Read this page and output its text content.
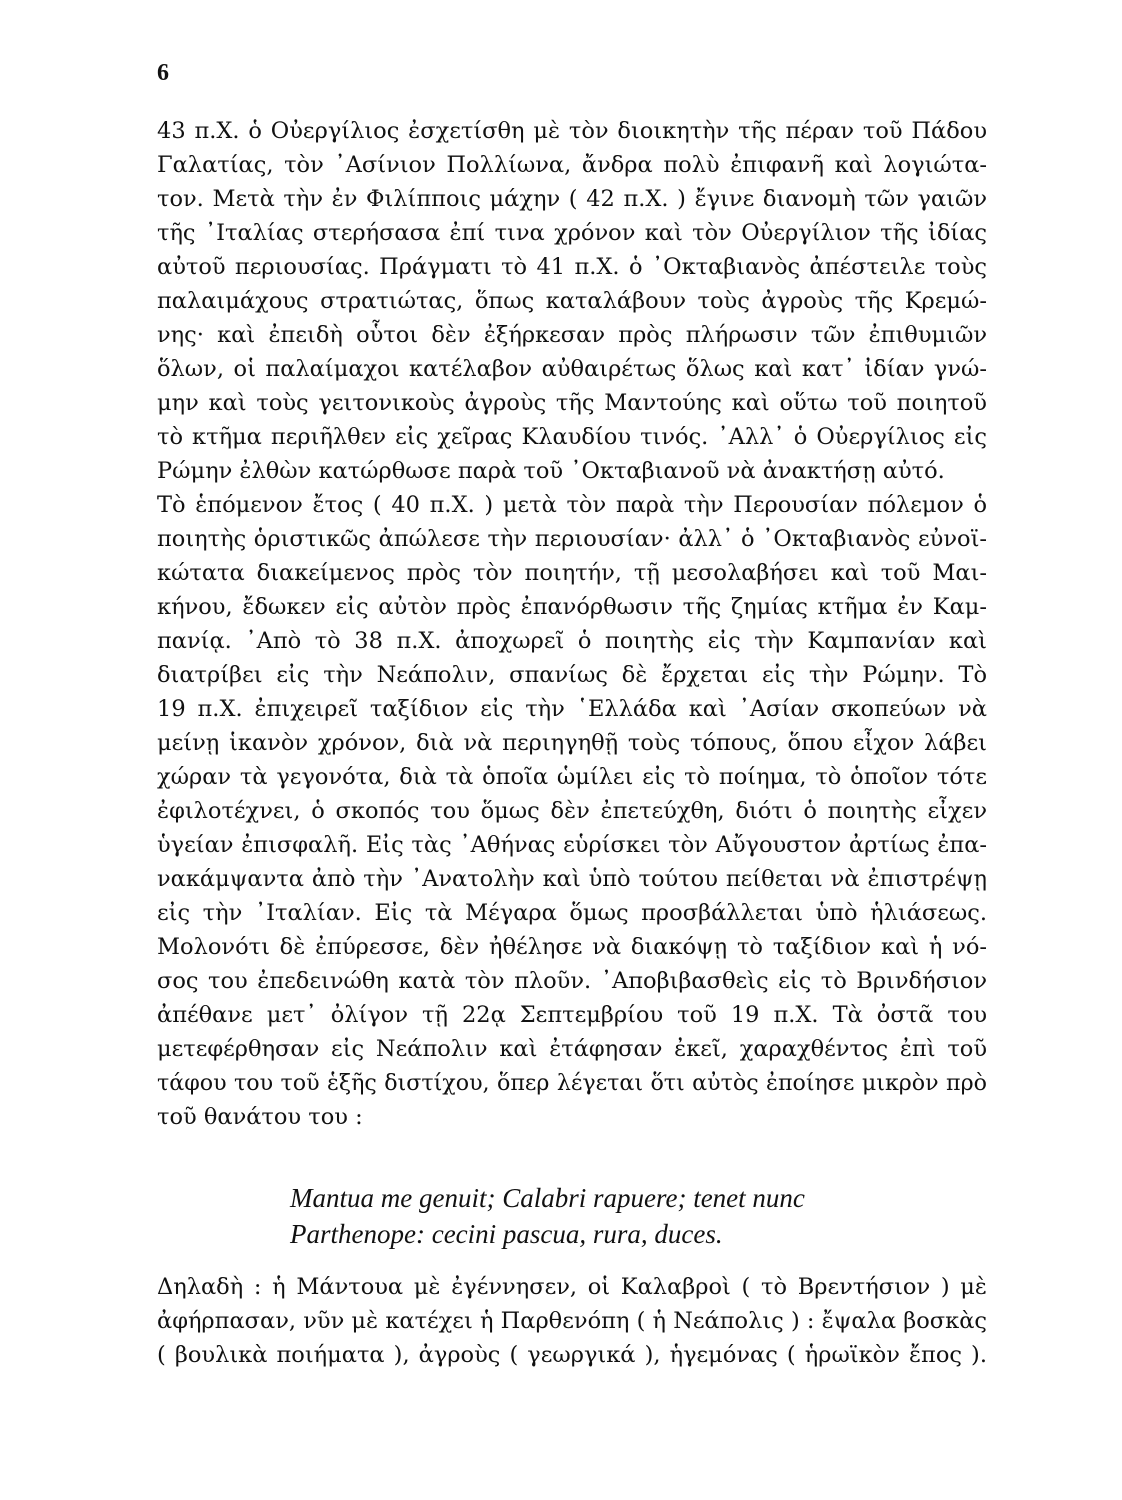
6
43 π.Χ. ὁ Οὐεργίλιος ἐσχετίσθη μὲ τὸν διοικητὴν τῆς πέραν τοῦ Πάδου
Γαλατίας, τὸν ᾿Ασίνιον Πολλίωνα, ἄνδρα πολὺ ἐπιφανῆ καὶ λογιώτα-
τον. Μετὰ τὴν ἐν Φιλίπποις μάχην ( 42 π.Χ. ) ἔγινε διανομὴ τῶν γαιῶν
τῆς ᾿Ιταλίας στερήσασα ἐπί τινα χρόνον καὶ τὸν Οὐεργίλιον τῆς ἰδίας
αὐτοῦ περιουσίας. Πράγματι τὸ 41 π.Χ. ὁ ᾿Οκταβιανὸς ἀπέστειλε τοὺς
παλαιμάχους στρατιώτας, ὅπως καταλάβουν τοὺς ἀγροὺς τῆς Κρεμώ-
νης· καὶ ἐπειδὴ οὗτοι δὲν ἐξήρκεσαν πρὸς πλήρωσιν τῶν ἐπιθυμιῶν
ὅλων, οἱ παλαίμαχοι κατέλαβον αὐθαιρέτως ὅλως καὶ κατ᾿ ἰδίαν γνώ-
μην καὶ τοὺς γειτονικοὺς ἀγροὺς τῆς Μαντούης καὶ οὕτω τοῦ ποιητοῦ
τὸ κτῆμα περιῆλθεν εἰς χεῖρας Κλαυδίου τινός. ᾿Αλλ᾿ ὁ Οὐεργίλιος εἰς
Ρώμην ἐλθὼν κατώρθωσε παρὰ τοῦ ᾿Οκταβιανοῦ νὰ ἀνακτήσῃ αὐτό.
Τὸ ἑπόμενον ἔτος ( 40 π.Χ. ) μετὰ τὸν παρὰ τὴν Περουσίαν πόλεμον ὁ
ποιητὴς ὁριστικῶς ἀπώλεσε τὴν περιουσίαν· ἀλλ᾿ ὁ ᾿Οκταβιανὸς εὐνοϊ-
κώτατα διακείμενος πρὸς τὸν ποιητήν, τῇ μεσολαβήσει καὶ τοῦ Μαι-
κήνου, ἔδωκεν εἰς αὐτὸν πρὸς ἐπανόρθωσιν τῆς ζημίας κτῆμα ἐν Καμ-
πανίᾳ. ᾿Απὸ τὸ 38 π.Χ. ἀποχωρεῖ ὁ ποιητὴς εἰς τὴν Καμπανίαν καὶ
διατρίβει εἰς τὴν Νεάπολιν, σπανίως δὲ ἔρχεται εἰς τὴν Ρώμην. Τὸ
19 π.Χ. ἐπιχειρεῖ ταξίδιον εἰς τὴν ῾Ελλάδα καὶ ᾿Ασίαν σκοπεύων νὰ
μείνῃ ἱκανὸν χρόνον, διὰ νὰ περιηγηθῇ τοὺς τόπους, ὅπου εἶχον λάβει
χώραν τὰ γεγονότα, διὰ τὰ ὁποῖα ὡμίλει εἰς τὸ ποίημα, τὸ ὁποῖον τότε
ἐφιλοτέχνει, ὁ σκοπός του ὅμως δὲν ἐπετεύχθη, διότι ὁ ποιητὴς εἶχεν
ὑγείαν ἐπισφαλῆ. Εἰς τὰς ᾿Αθήνας εὑρίσκει τὸν Αὔγουστον ἀρτίως ἐπα-
νακάμψαντα ἀπὸ τὴν ᾿Ανατολὴν καὶ ὑπὸ τούτου πείθεται νὰ ἐπιστρέψῃ
εἰς τὴν ᾿Ιταλίαν. Εἰς τὰ Μέγαρα ὅμως προσβάλλεται ὑπὸ ἡλιάσεως.
Μολονότι δὲ ἐπύρεσσε, δὲν ἠθέλησε νὰ διακόψῃ τὸ ταξίδιον καὶ ἡ νό-
σος του ἐπεδεινώθη κατὰ τὸν πλοῦν. ᾿Αποβιβασθεὶς εἰς τὸ Βρινδήσιον
ἀπέθανε μετ᾿ ὀλίγον τῇ 22ᾳ Σεπτεμβρίου τοῦ 19 π.Χ. Τὰ ὀστᾶ του
μετεφέρθησαν εἰς Νεάπολιν καὶ ἐτάφησαν ἐκεῖ, χαραχθέντος ἐπὶ τοῦ
τάφου του τοῦ ἑξῆς διστίχου, ὅπερ λέγεται ὅτι αὐτὸς ἐποίησε μικρὸν πρὸ
τοῦ θανάτου του :
Mantua me genuit; Calabri rapuere; tenet nunc
Parthenope: cecini pascua, rura, duces.
Δηλαδὴ : ἡ Μάντουα μὲ ἐγέννησεν, οἱ Καλαβροὶ ( τὸ Βρεντήσιον ) μὲ
ἀφήρπασαν, νῦν μὲ κατέχει ἡ Παρθενόπη ( ἡ Νεάπολις ) : ἔψαλα βοσκὰς
( βουλικὰ ποιήματα ), ἀγροὺς ( γεωργικά ), ἡγεμόνας ( ἡρωϊκὸν ἔπος ).
